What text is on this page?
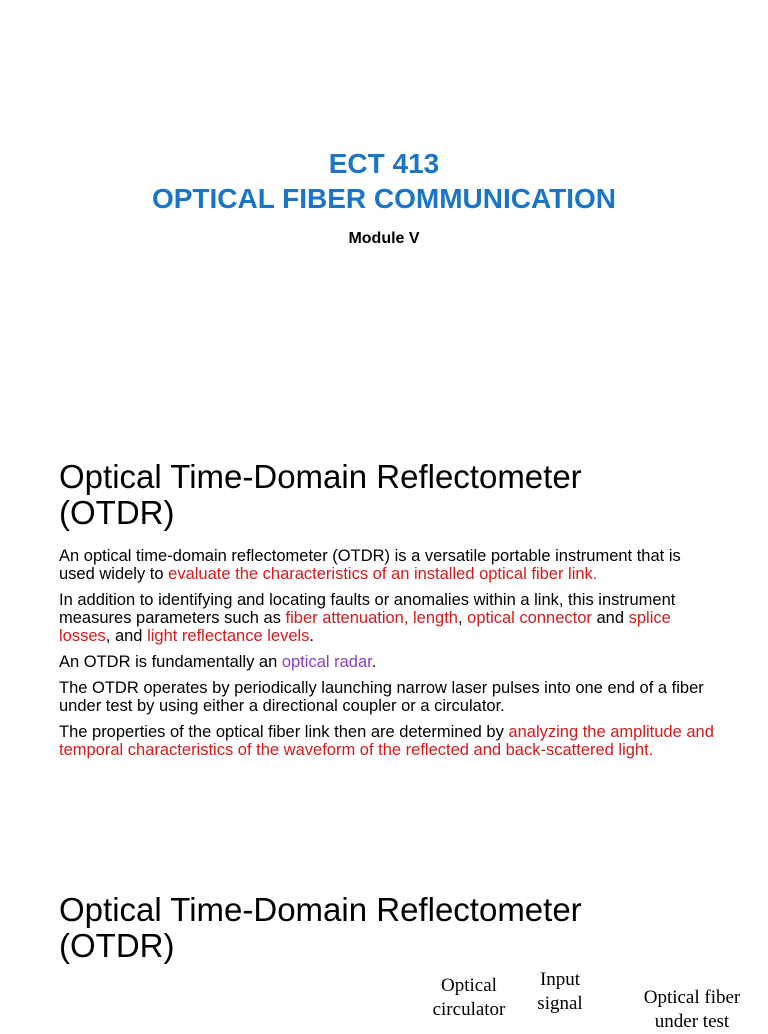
ECT 413
OPTICAL FIBER COMMUNICATION
Module V
Optical Time-Domain Reflectometer
(OTDR)

An optical time-domain reflectometer (OTDR) is a versatile portable instrument that is used widely to evaluate the characteristics of an installed optical fiber link.

In addition to identifying and locating faults or anomalies within a link, this instrument measures parameters such as fiber attenuation, length, optical connector and splice losses, and light reflectance levels.

An OTDR is fundamentally an optical radar.

The OTDR operates by periodically launching narrow laser pulses into one end of a fiber under test by using either a directional coupler or a circulator.

The properties of the optical fiber link then are determined by analyzing the amplitude and temporal characteristics of the waveform of the reflected and back-scattered light.

Optical Time-Domain Reflectometer
(OTDR)
Optical
circulator
Input
signal	Optical fiber
under test
